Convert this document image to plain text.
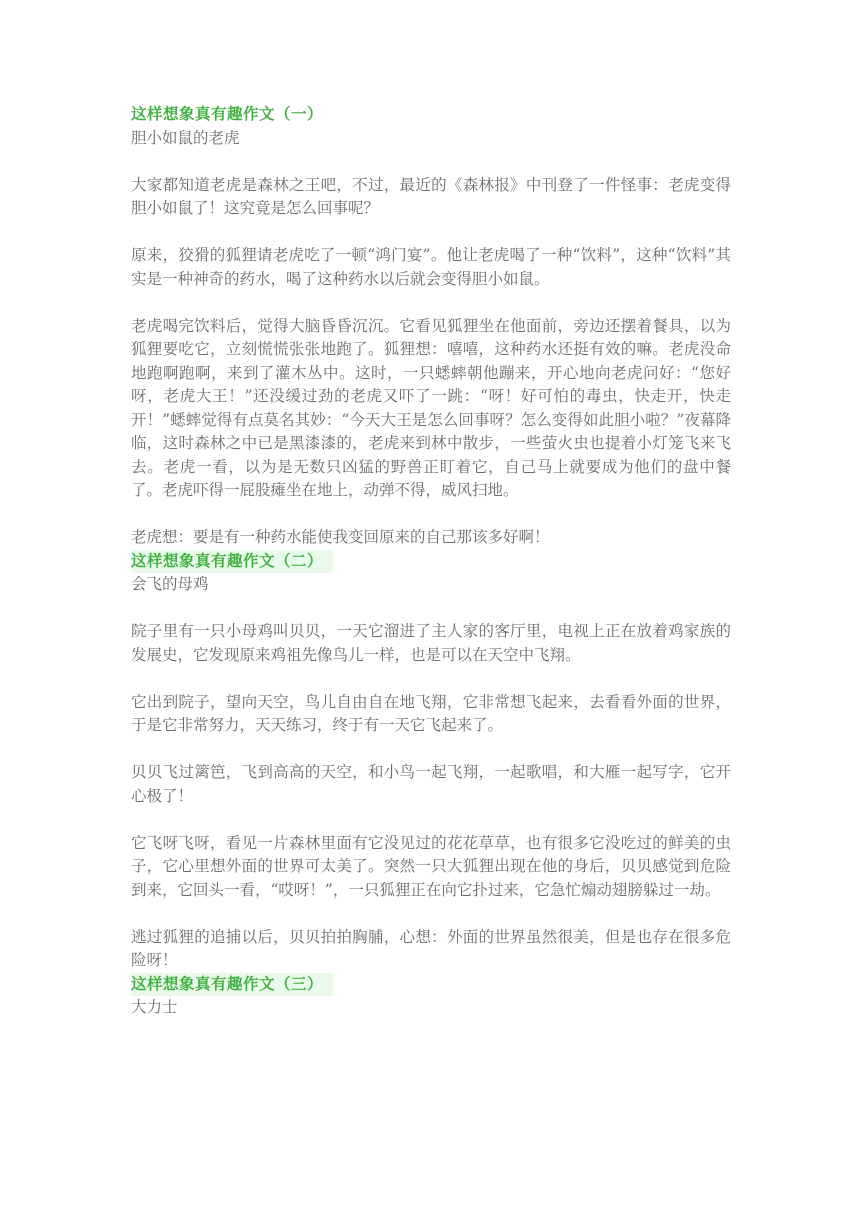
这样想象真有趣作文（一）
胆小如鼠的老虎

大家都知道老虎是森林之王吧，不过，最近的《森林报》中刊登了一件怪事：老虎变得胆小如鼠了！这究竟是怎么回事呢？

原来，狡猾的狐狸请老虎吃了一顿“鸿门宴”。他让老虎喝了一种“饮料”，这种“饮料”其实是一种神奇的药水，喝了这种药水以后就会变得胆小如鼠。

老虎喝完饮料后，觉得大脑昏昏沉沉。它看见狐狸坐在他面前，旁边还摆着餐具，以为狐狸要吃它，立刻慌慌张张地跑了。狐狸想：嘻嘻，这种药水还挺有效的嘛。老虎没命地跑啊跑啊，来到了灌木丛中。这时，一只蟋蟀朝他蹦来，开心地向老虎问好：“您好呀，老虎大王！”还没缓过劲的老虎又吓了一跳：“呀！好可怕的毒虫，快走开，快走开！”蟋蟀觉得有点莫名其妙：“今天大王是怎么回事呀？怎么变得如此胆小啦？”夜幕降临，这时森林之中已是黑漆漆的，老虎来到林中散步，一些萤火虫也提着小灯笼飞来飞去。老虎一看，以为是无数只凶猛的野兽正盯着它，自己马上就要成为他们的盘中餐了。老虎吓得一屁股瘫坐在地上，动弹不得，威风扫地。

老虎想：要是有一种药水能使我变回原来的自己那该多好啊！

这样想象真有趣作文（二）
会飞的母鸡

院子里有一只小母鸡叫贝贝，一天它溜进了主人家的客厅里，电视上正在放着鸡家族的发展史，它发现原来鸡祖先像鸟儿一样，也是可以在天空中飞翔。

它出到院子，望向天空，鸟儿自由自在地飞翔，它非常想飞起来，去看看外面的世界，于是它非常努力，天天练习，终于有一天它飞起来了。

贝贝飞过篱笆，飞到高高的天空，和小鸟一起飞翔，一起歌唱，和大雁一起写字，它开心极了！

它飞呀飞呀，看见一片森林里面有它没见过的花花草草，也有很多它没吃过的鲜美的虫子，它心里想外面的世界可太美了。突然一只大狐狸出现在他的身后，贝贝感觉到危险到来，它回头一看，“哎呀！”，一只狐狸正在向它扑过来，它急忙煽动翅膀躲过一劫。

逃过狐狸的追捕以后，贝贝拍拍胸脯，心想：外面的世界虽然很美，但是也存在很多危险呀！

这样想象真有趣作文（三）
大力士
